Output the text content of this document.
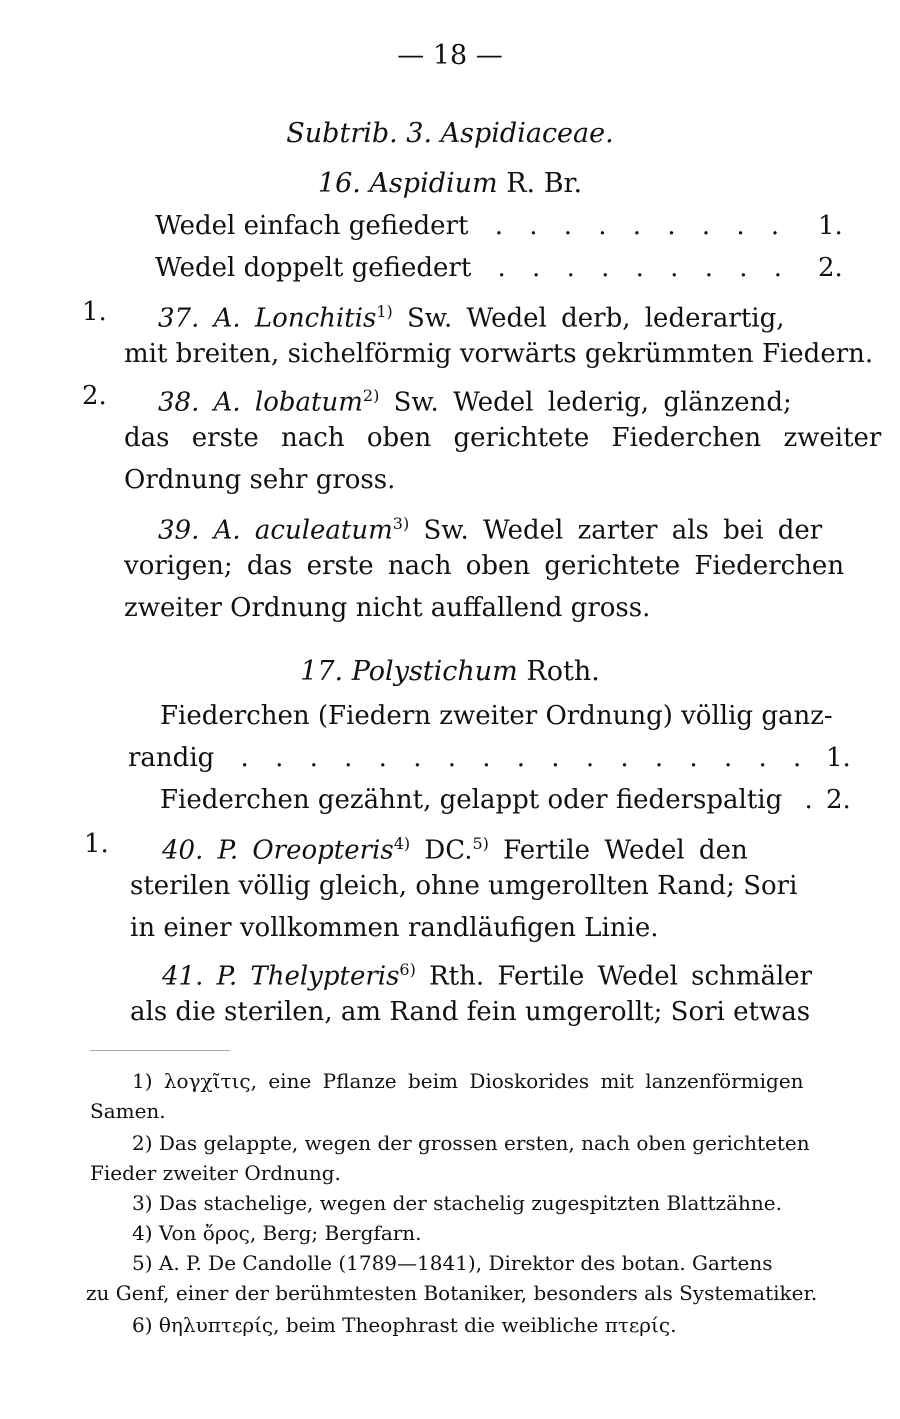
— 18 —
Subtrib. 3. Aspidiaceae.
16. Aspidium R. Br.
Wedel einfach gefiedert . . . . . . . . . 1.
Wedel doppelt gefiedert . . . . . . . . . 2.
1. 37. A. Lonchitis$^{1)}$ Sw. Wedel derb, lederartig,
mit breiten, sichelförmig vorwärts gekrümmten Fiedern.
2. 38. A. lobatum$^{2)}$ Sw. Wedel lederig, glänzend;
das erste nach oben gerichtete Fiederchen zweiter
Ordnung sehr gross.
39. A. aculeatum$^{3)}$ Sw. Wedel zarter als bei der
vorigen; das erste nach oben gerichtete Fiederchen
zweiter Ordnung nicht auffallend gross.
17. Polystichum Roth.
Fiederchen (Fiedern zweiter Ordnung) völlig ganz-
randig . . . . . . . . . . . . . . . . . 1.
Fiederchen gezähnt, gelappt oder fiederspaltig . 2.
1. 40. P. Oreopteris$^{4)}$ DC.$^{5)}$ Fertile Wedel den
sterilen völlig gleich, ohne umgerollten Rand; Sori
in einer vollkommen randläufigen Linie.
41. P. Thelypteris$^{6)}$ Rth. Fertile Wedel schmäler
als die sterilen, am Rand fein umgerollt; Sori etwas
1) λογχῖτις, eine Pflanze beim Dioskorides mit lanzenförmigen
Samen.
2) Das gelappte, wegen der grossen ersten, nach oben gerichteten
Fieder zweiter Ordnung.
3) Das stachelige, wegen der stachelig zugespitzten Blattzähne.
4) Von ὄρος, Berg; Bergfarn.
5) A. P. De Candolle (1789—1841), Direktor des botan. Gartens
zu Genf, einer der berühmtesten Botaniker, besonders als Systematiker.
6) θηλυπτερίς, beim Theophrast die weibliche πτερίς.
